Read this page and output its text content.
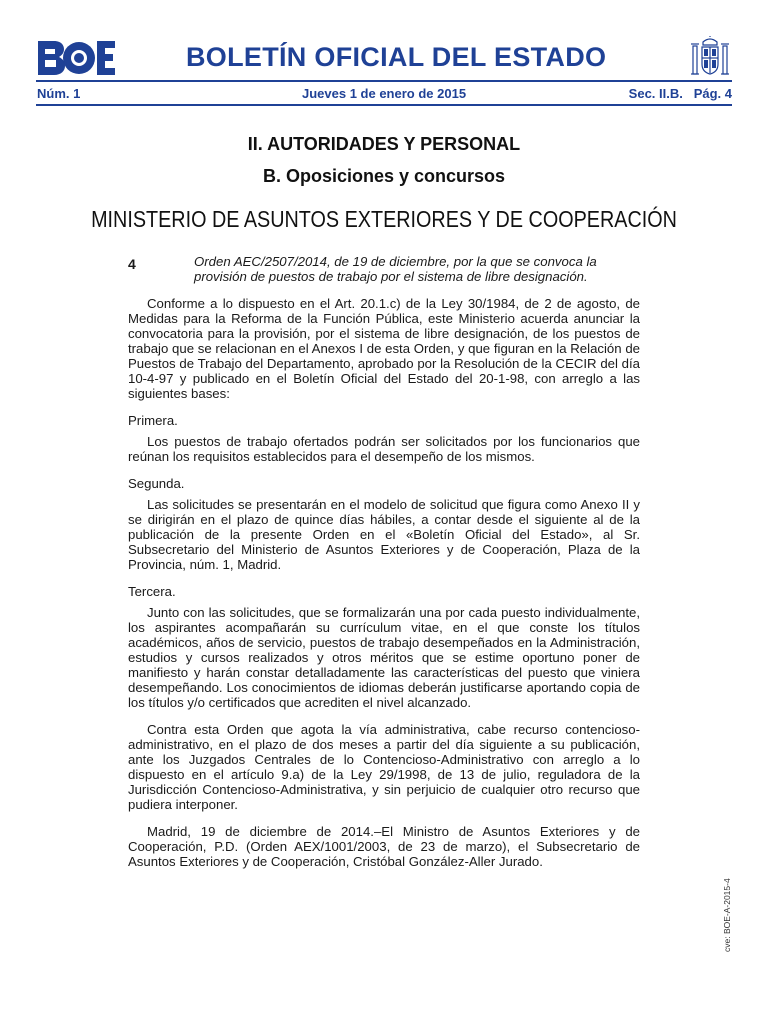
BOLETÍN OFICIAL DEL ESTADO
Núm. 1	Jueves 1 de enero de 2015	Sec. II.B.   Pág. 4
II. AUTORIDADES Y PERSONAL
B. Oposiciones y concursos
MINISTERIO DE ASUNTOS EXTERIORES Y DE COOPERACIÓN
4	Orden AEC/2507/2014, de 19 de diciembre, por la que se convoca la provisión de puestos de trabajo por el sistema de libre designación.

Conforme a lo dispuesto en el Art. 20.1.c) de la Ley 30/1984, de 2 de agosto, de Medidas para la Reforma de la Función Pública, este Ministerio acuerda anunciar la convocatoria para la provisión, por el sistema de libre designación, de los puestos de trabajo que se relacionan en el Anexos I de esta Orden, y que figuran en la Relación de Puestos de Trabajo del Departamento, aprobado por la Resolución de la CECIR del día 10-4-97 y publicado en el Boletín Oficial del Estado del 20-1-98, con arreglo a las siguientes bases:

Primera.

Los puestos de trabajo ofertados podrán ser solicitados por los funcionarios que reúnan los requisitos establecidos para el desempeño de los mismos.

Segunda.

Las solicitudes se presentarán en el modelo de solicitud que figura como Anexo II y se dirigirán en el plazo de quince días hábiles, a contar desde el siguiente al de la publicación de la presente Orden en el «Boletín Oficial del Estado», al Sr. Subsecretario del Ministerio de Asuntos Exteriores y de Cooperación, Plaza de la Provincia, núm. 1, Madrid.

Tercera.

Junto con las solicitudes, que se formalizarán una por cada puesto individualmente, los aspirantes acompañarán su currículum vitae, en el que conste los títulos académicos, años de servicio, puestos de trabajo desempeñados en la Administración, estudios y cursos realizados y otros méritos que se estime oportuno poner de manifiesto y harán constar detalladamente las características del puesto que viniera desempeñando. Los conocimientos de idiomas deberán justificarse aportando copia de los títulos y/o certificados que acrediten el nivel alcanzado.

Contra esta Orden que agota la vía administrativa, cabe recurso contencioso-administrativo, en el plazo de dos meses a partir del día siguiente a su publicación, ante los Juzgados Centrales de lo Contencioso-Administrativo con arreglo a lo dispuesto en el artículo 9.a) de la Ley 29/1998, de 13 de julio, reguladora de la Jurisdicción Contencioso-Administrativa, y sin perjuicio de cualquier otro recurso que pudiera interponer.

Madrid, 19 de diciembre de 2014.–El Ministro de Asuntos Exteriores y de Cooperación, P.D. (Orden AEX/1001/2003, de 23 de marzo), el Subsecretario de Asuntos Exteriores y de Cooperación, Cristóbal González-Aller Jurado.

cve: BOE-A-2015-4
